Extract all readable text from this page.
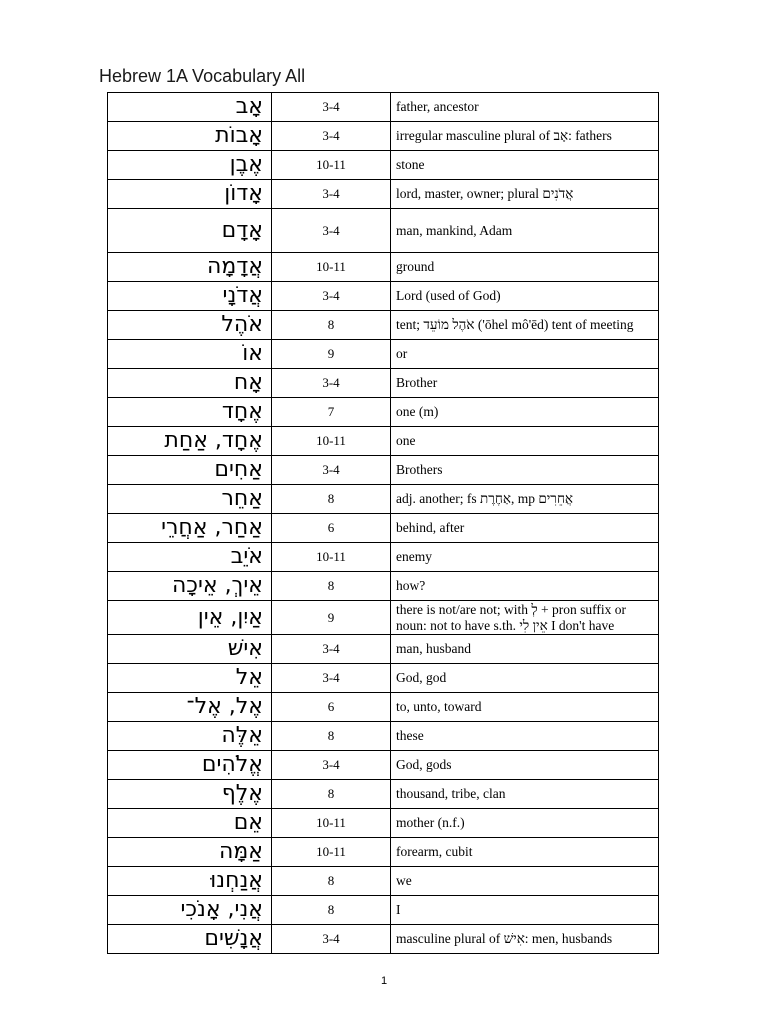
Hebrew 1A Vocabulary All
אָב	3-4	father, ancestor
אָבוֹת	3-4	irregular masculine plural of אָב: fathers
אֶבֶן	10-11	stone
אָדוֹן	3-4	lord, master, owner; plural אֲדֹנִים
אָדָם	3-4	man, mankind, Adam
אֲדָמָה	10-11	ground
אֲדֹנָי	3-4	Lord (used of God)
אֹהֶל	8	tent; אֹהֶל מוֹעֵד ('ōhel mô'ēd) tent of meeting
אוֹ	9	or
אָח	3-4	Brother
אֶחָד	7	one (m)
אֶחָד, אַחַת	10-11	one
אַחִים	3-4	Brothers
אַחֵר	8	adj. another; fs אַחֶרֶת, mp אֲחֵרִים
אַחַר, אַחֲרֵי	6	behind, after
אֹיֵב	10-11	enemy
אֵיךְ, אֵיכָה	8	how?
אַיִן, אֵין	9	there is not/are not; with לְ + pron suffix or noun: not to have s.th. אֵין לִי I don't have
אִישׁ	3-4	man, husband
אֵל	3-4	God, god
אֶל, אֶל־	6	to, unto, toward
אֵלֶּה	8	these
אֱלֹהִים	3-4	God, gods
אֶלֶף	8	thousand, tribe, clan
אֵם	10-11	mother (n.f.)
אַמָּה	10-11	forearm, cubit
אֲנַחְנוּ	8	we
אֲנִי, אָנֹכִי	8	I
אֲנָשִׁים	3-4	masculine plural of אִישׁ: men, husbands
1
